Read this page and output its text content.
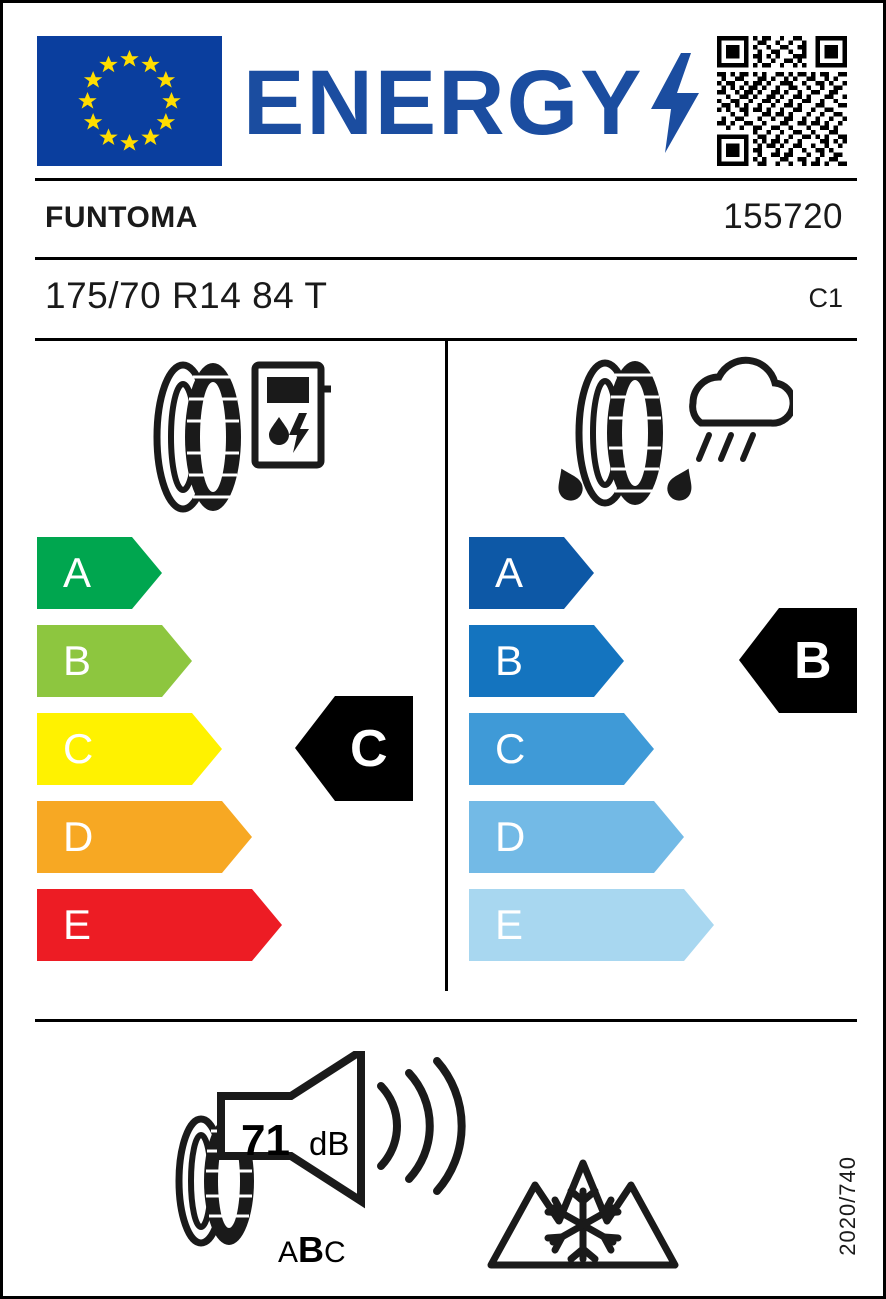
ENERGY
FUNTOMA	155720
175/70 R14 84 T	C1
A
B
C
D
E
C
A
B
C
D
E
B
71 dB
ABC	2020/740
